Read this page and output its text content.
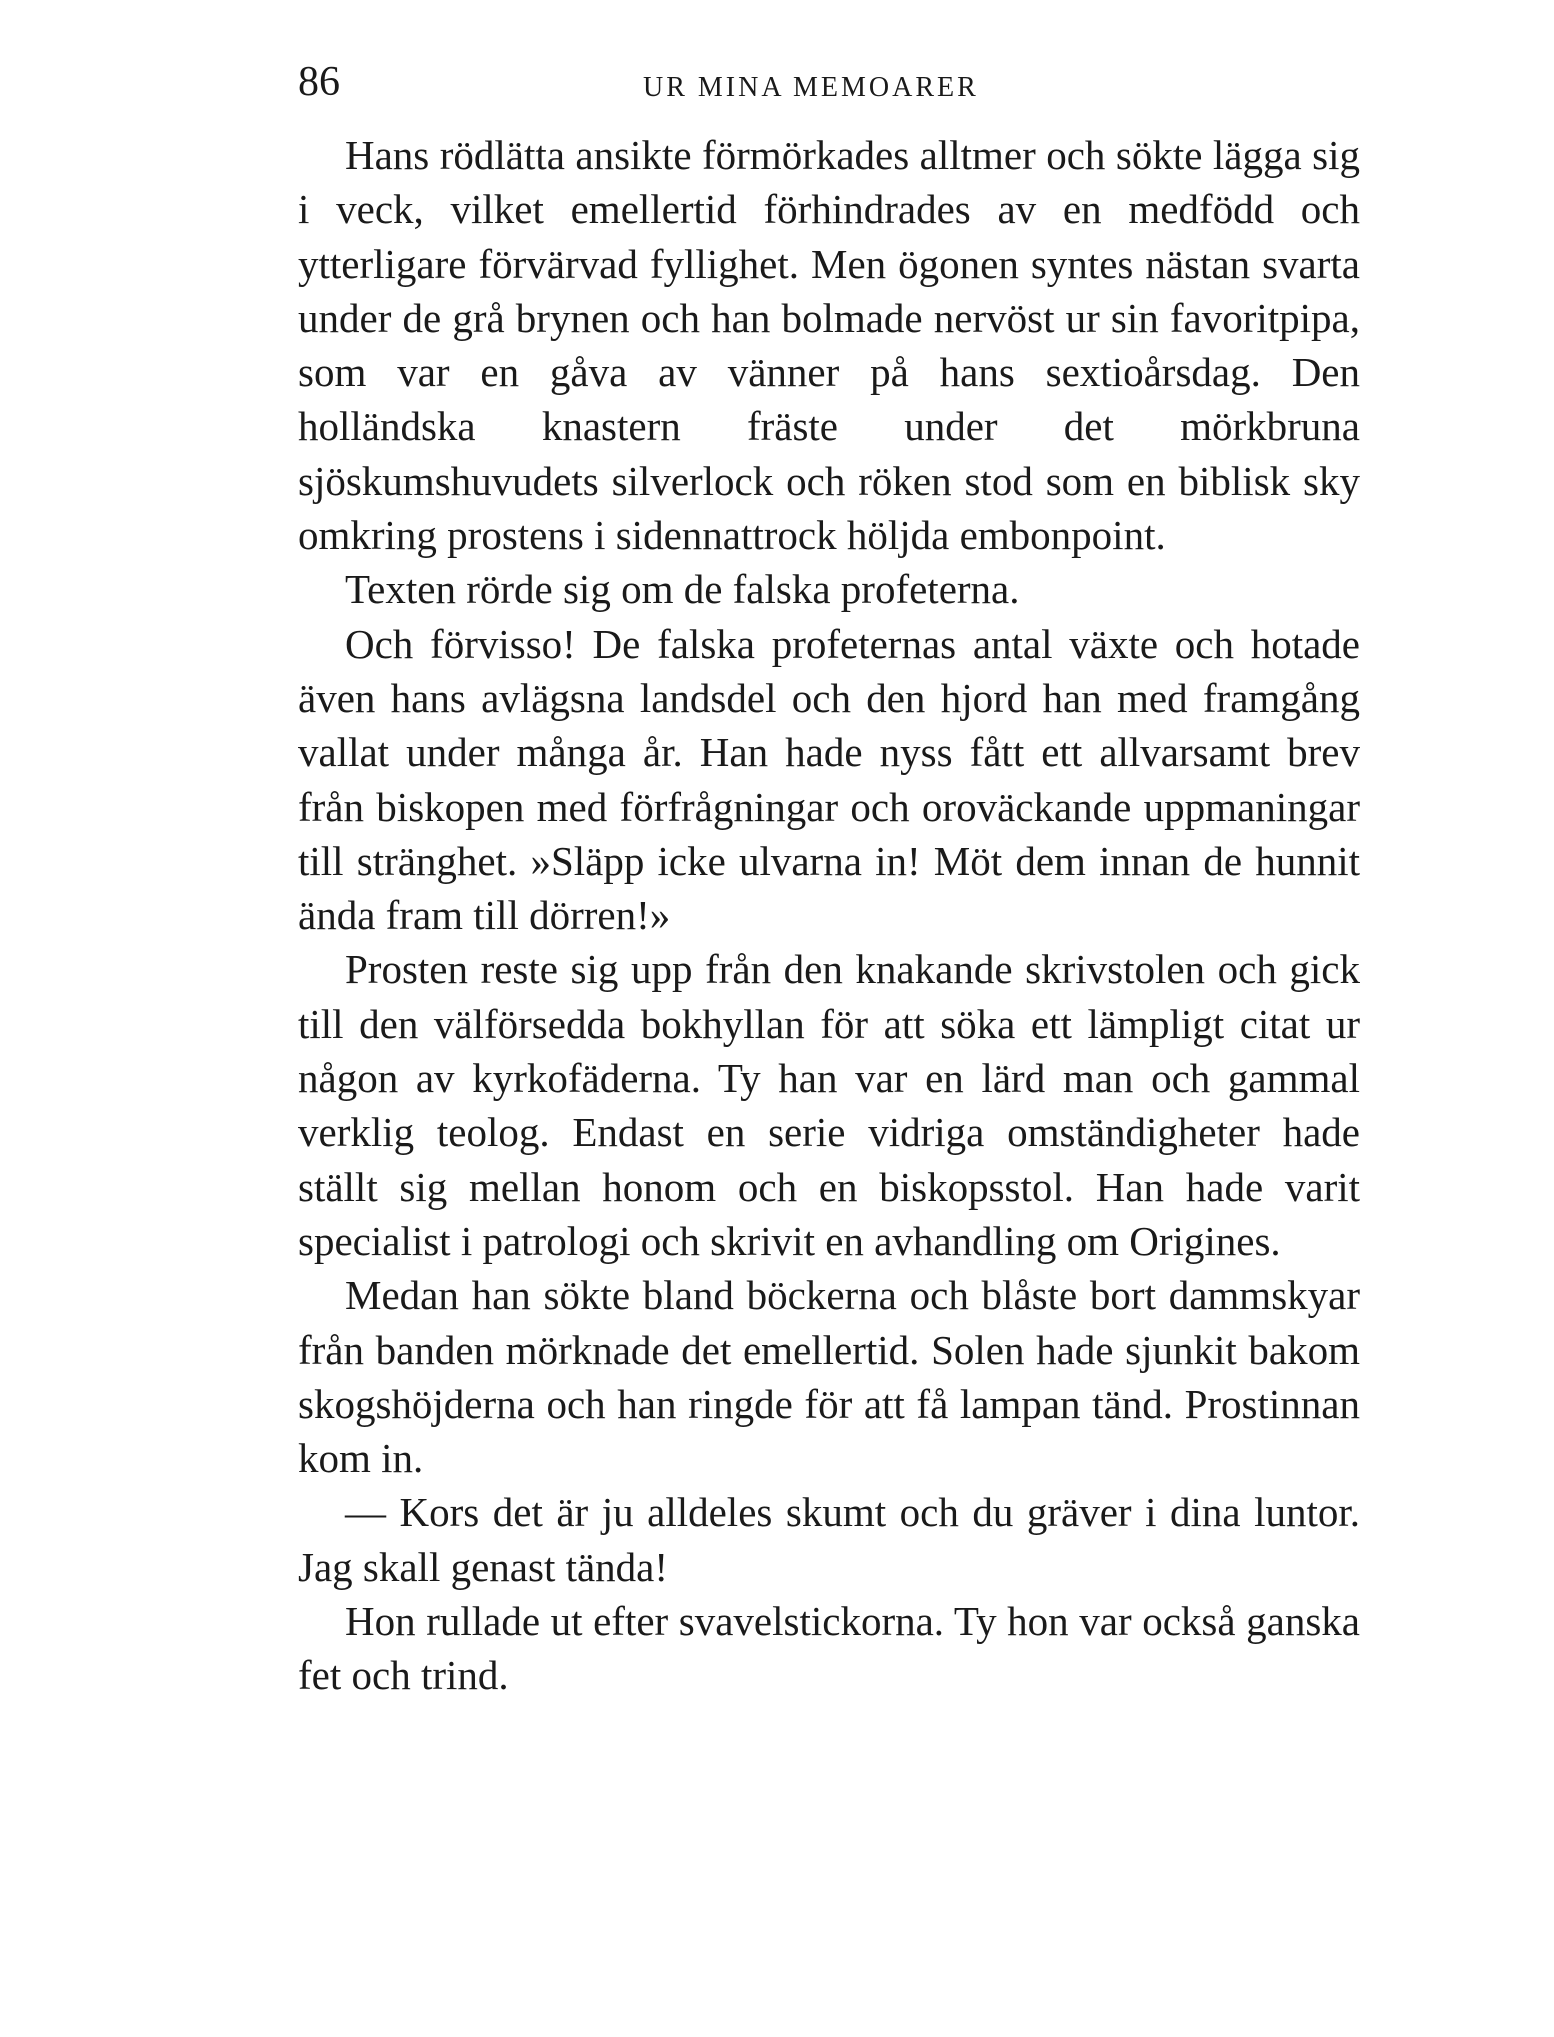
86	UR MINA MEMOARER

Hans rödlätta ansikte förmörkades alltmer och sökte lägga sig i veck, vilket emellertid förhindrades av en medfödd och ytterligare förvärvad fyllighet. Men ögonen syntes nästan svarta under de grå brynen och han bolmade nervöst ur sin favoritpipa, som var en gåva av vänner på hans sextioårsdag. Den holländska knastern fräste under det mörkbruna sjöskumshuvudets silverlock och röken stod som en biblisk sky omkring prostens i sidennattrock höljda embonpoint.

Texten rörde sig om de falska profeterna.

Och förvisso! De falska profeternas antal växte och hotade även hans avlägsna landsdel och den hjord han med framgång vallat under många år. Han hade nyss fått ett allvarsamt brev från biskopen med förfrågningar och oroväckande uppmaningar till stränghet. »Släpp icke ulvarna in! Möt dem innan de hunnit ända fram till dörren!»

Prosten reste sig upp från den knakande skrivstolen och gick till den välförsedda bokhyllan för att söka ett lämpligt citat ur någon av kyrkofäderna. Ty han var en lärd man och gammal verklig teolog. Endast en serie vidriga omständigheter hade ställt sig mellan honom och en biskopsstol. Han hade varit specialist i patrologi och skrivit en avhandling om Origines.

Medan han sökte bland böckerna och blåste bort dammskyar från banden mörknade det emellertid. Solen hade sjunkit bakom skogshöjderna och han ringde för att få lampan tänd. Prostinnan kom in.

— Kors det är ju alldeles skumt och du gräver i dina luntor. Jag skall genast tända!

Hon rullade ut efter svavelstickorna. Ty hon var också ganska fet och trind.
